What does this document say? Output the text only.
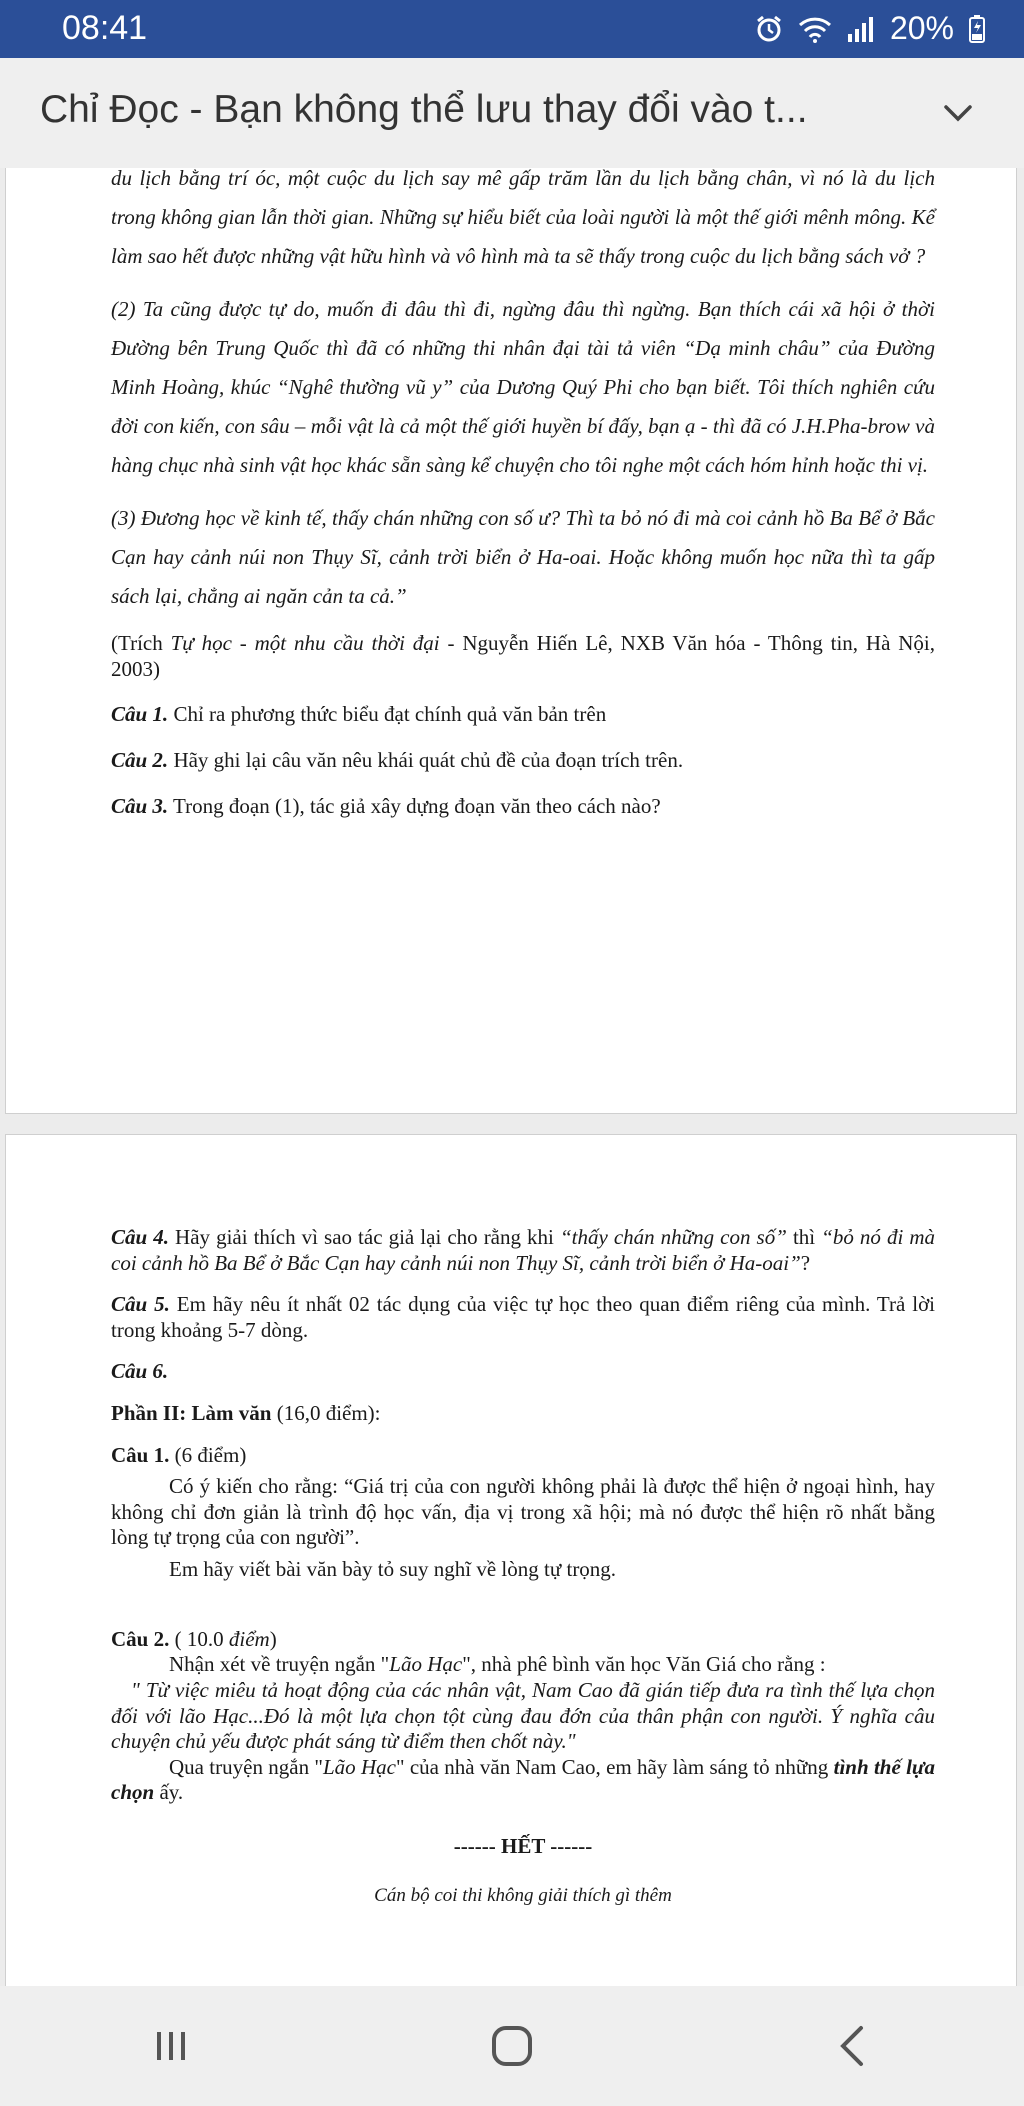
08:41	20%
Chỉ Đọc - Bạn không thể lưu thay đổi vào t...

du lịch bằng trí óc, một cuộc du lịch say mê gấp trăm lần du lịch bằng chân, vì nó là du lịch trong không gian lẫn thời gian. Những sự hiểu biết của loài người là một thế giới mênh mông. Kể làm sao hết được những vật hữu hình và vô hình mà ta sẽ thấy trong cuộc du lịch bằng sách vở ?

(2) Ta cũng được tự do, muốn đi đâu thì đi, ngừng đâu thì ngừng. Bạn thích cái xã hội ở thời Đường bên Trung Quốc thì đã có những thi nhân đại tài tả viên “Dạ minh châu” của Đường Minh Hoàng, khúc “Nghê thường vũ y” của Dương Quý Phi cho bạn biết. Tôi thích nghiên cứu đời con kiến, con sâu – mỗi vật là cả một thế giới huyền bí đấy, bạn ạ - thì đã có J.H.Pha-brow và hàng chục nhà sinh vật học khác sẵn sàng kể chuyện cho tôi nghe một cách hóm hỉnh hoặc thi vị.

(3) Đương học về kinh tế, thấy chán những con số ư? Thì ta bỏ nó đi mà coi cảnh hồ Ba Bể ở Bắc Cạn hay cảnh núi non Thụy Sĩ, cảnh trời biển ở Ha-oai. Hoặc không muốn học nữa thì ta gấp sách lại, chẳng ai ngăn cản ta cả.”

(Trích Tự học - một nhu cầu thời đại - Nguyễn Hiến Lê, NXB Văn hóa - Thông tin, Hà Nội, 2003)

Câu 1. Chỉ ra phương thức biểu đạt chính quả văn bản trên

Câu 2. Hãy ghi lại câu văn nêu khái quát chủ đề của đoạn trích trên.

Câu 3. Trong đoạn (1), tác giả xây dựng đoạn văn theo cách nào?

Câu 4. Hãy giải thích vì sao tác giả lại cho rằng khi “thấy chán những con số” thì “bỏ nó đi mà coi cảnh hồ Ba Bể ở Bắc Cạn hay cảnh núi non Thụy Sĩ, cảnh trời biển ở Ha-oai”?

Câu 5. Em hãy nêu ít nhất 02 tác dụng của việc tự học theo quan điểm riêng của mình. Trả lời trong khoảng 5-7 dòng.

Câu 6.

Phần II: Làm văn (16,0 điểm):

Câu 1. (6 điểm)

Có ý kiến cho rằng: “Giá trị của con người không phải là được thể hiện ở ngoại hình, hay không chỉ đơn giản là trình độ học vấn, địa vị trong xã hội; mà nó được thể hiện rõ nhất bằng lòng tự trọng của con người”.

Em hãy viết bài văn bày tỏ suy nghĩ về lòng tự trọng.

Câu 2. ( 10.0 điểm)

Nhận xét về truyện ngắn "Lão Hạc", nhà phê bình văn học Văn Giá cho rằng :

" Từ việc miêu tả hoạt động của các nhân vật, Nam Cao đã gián tiếp đưa ra tình thế lựa chọn đối với lão Hạc...Đó là một lựa chọn tột cùng đau đớn của thân phận con người. Ý nghĩa câu chuyện chủ yếu được phát sáng từ điểm then chốt này."

Qua truyện ngắn "Lão Hạc" của nhà văn Nam Cao, em hãy làm sáng tỏ những tình thế lựa chọn ấy.

------ HẾT ------

Cán bộ coi thi không giải thích gì thêm
